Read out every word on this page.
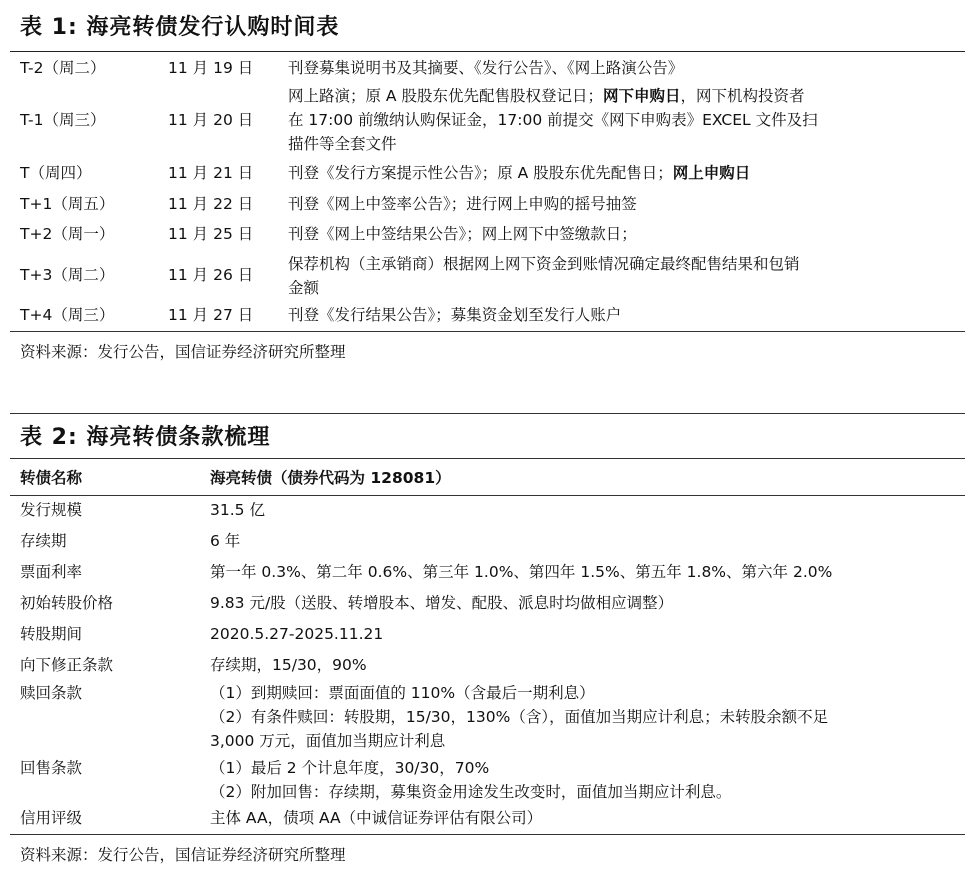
表 1: 海亮转债发行认购时间表
T-2（周二）	11 月 19 日 刊登募集说明书及其摘要、《发行公告》、《网上路演公告》
T-1（周三）	11 月 20 日
网上路演；原 A 股股东优先配售股权登记日；网下申购日，网下机构投资者
在 17:00 前缴纳认购保证金，17:00 前提交《网下申购表》EXCEL 文件及扫
描件等全套文件
T（周四）	11 月 21 日 刊登《发行方案提示性公告》；原 A 股股东优先配售日；网上申购日
T+1（周五）	11 月 22 日 刊登《网上中签率公告》；进行网上申购的摇号抽签
T+2（周一）	11 月 25 日 刊登《网上中签结果公告》；网上网下中签缴款日；
T+3（周二）	11 月 26 日
保荐机构（主承销商）根据网上网下资金到账情况确定最终配售结果和包销
金额
T+4（周三）	11 月 27 日 刊登《发行结果公告》；募集资金划至发行人账户
资料来源：发行公告，国信证券经济研究所整理
表 2: 海亮转债条款梳理
转债名称	海亮转债（债券代码为 128081）
发行规模	31.5 亿
存续期	6 年
票面利率	第一年 0.3%、第二年 0.6%、第三年 1.0%、第四年 1.5%、第五年 1.8%、第六年 2.0%
初始转股价格	9.83 元/股（送股、转增股本、增发、配股、派息时均做相应调整）
转股期间	2020.5.27-2025.11.21
向下修正条款	存续期，15/30，90%
赎回条款	（1）到期赎回：票面面值的 110%（含最后一期利息）
（2）有条件赎回：转股期，15/30，130%（含），面值加当期应计利息；未转股余额不足
3,000 万元，面值加当期应计利息
回售条款	（1）最后 2 个计息年度，30/30，70%
（2）附加回售：存续期，募集资金用途发生改变时，面值加当期应计利息。
信用评级	主体 AA，债项 AA（中诚信证券评估有限公司）
资料来源：发行公告，国信证券经济研究所整理
